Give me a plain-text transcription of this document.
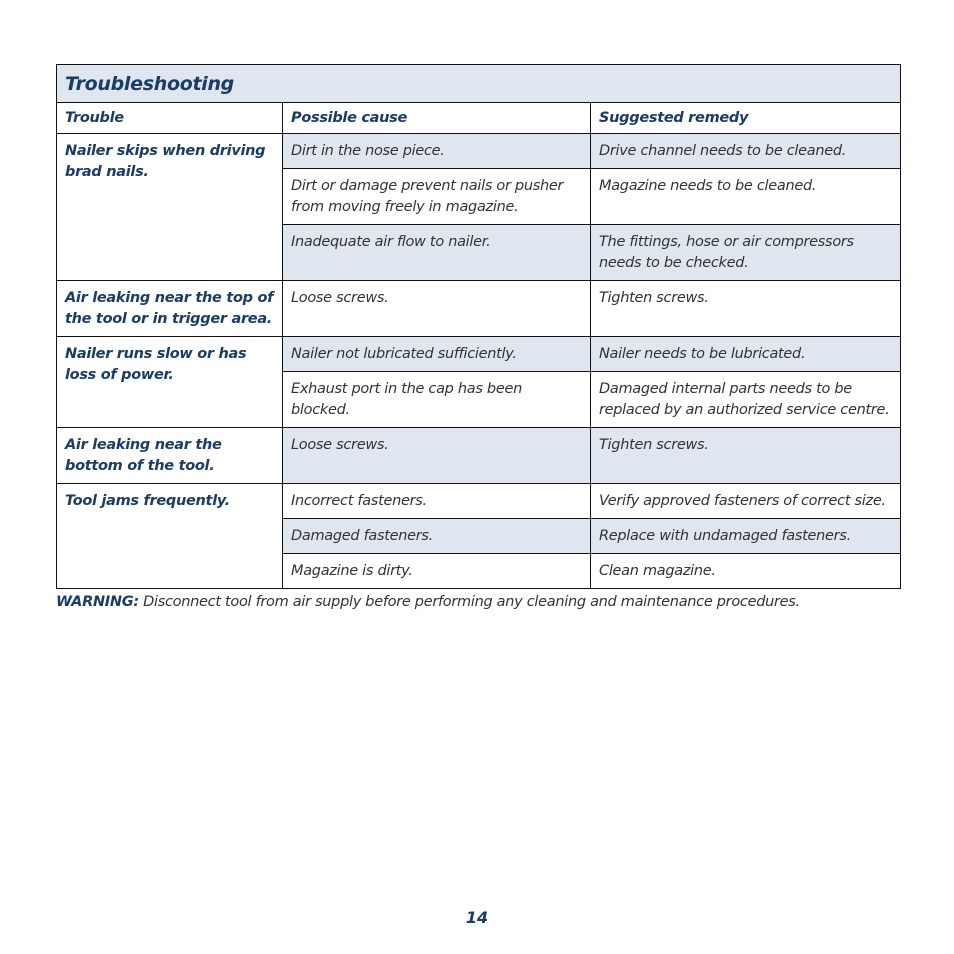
Troubleshooting		
Trouble	Possible cause	Suggested remedy
Nailer skips when driving brad nails.	Dirt in the nose piece.	Drive channel needs to be cleaned.
	Dirt or damage prevent nails or pusher from moving freely in magazine.	Magazine needs to be cleaned.
	Inadequate air flow to nailer.	The fittings, hose or air compressors needs to be checked.
Air leaking near the top of the tool or in trigger area.	Loose screws.	Tighten screws.
Nailer runs slow or has loss of power.	Nailer not lubricated sufficiently.	Nailer needs to be lubricated.
	Exhaust port in the cap has been blocked.	Damaged internal parts needs to be replaced by an authorized service centre.
Air leaking near the bottom of the tool.	Loose screws.	Tighten screws.
Tool jams frequently.	Incorrect fasteners.	Verify approved fasteners of correct size.
	Damaged fasteners.	Replace with undamaged fasteners.
	Magazine is dirty.	Clean magazine.
WARNING: Disconnect tool from air supply before performing any cleaning and maintenance procedures.
14
